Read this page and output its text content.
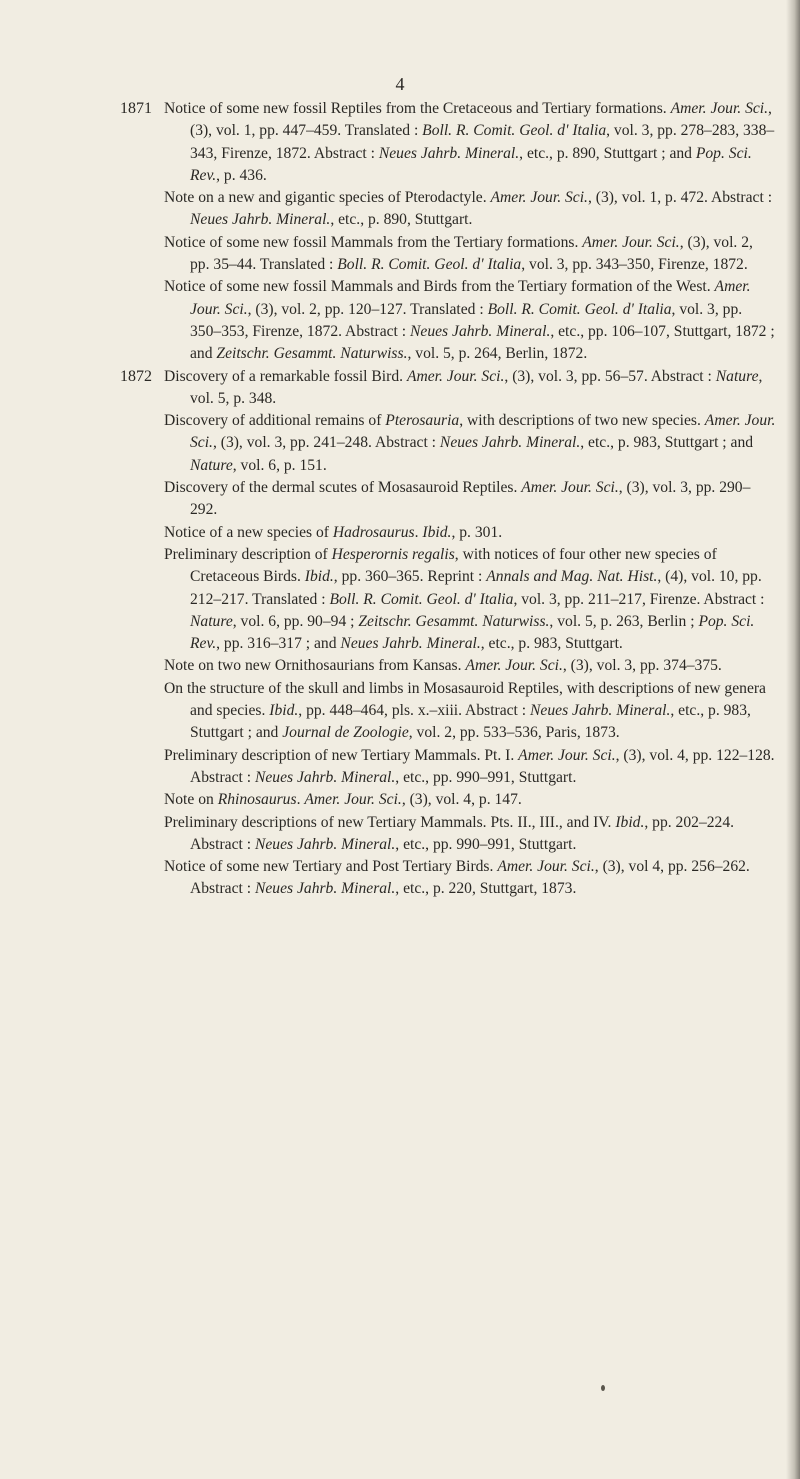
4

1871 Notice of some new fossil Reptiles from the Cretaceous and Tertiary formations. Amer. Jour. Sci., (3), vol. 1, pp. 447–459. Translated : Boll. R. Comit. Geol. d' Italia, vol. 3, pp. 278–283, 338–343, Firenze, 1872. Abstract : Neues Jahrb. Mineral., etc., p. 890, Stuttgart ; and Pop. Sci. Rev., p. 436.

Note on a new and gigantic species of Pterodactyle. Amer. Jour. Sci., (3), vol. 1, p. 472. Abstract : Neues Jahrb. Mineral., etc., p. 890, Stuttgart.

Notice of some new fossil Mammals from the Tertiary formations. Amer. Jour. Sci., (3), vol. 2, pp. 35–44. Translated : Boll. R. Comit. Geol. d' Italia, vol. 3, pp. 343–350, Firenze, 1872.

Notice of some new fossil Mammals and Birds from the Tertiary formation of the West. Amer. Jour. Sci., (3), vol. 2, pp. 120–127. Translated : Boll. R. Comit. Geol. d' Italia, vol. 3, pp. 350–353, Firenze, 1872. Abstract : Neues Jahrb. Mineral., etc., pp. 106–107, Stuttgart, 1872 ; and Zeitschr. Gesammt. Naturwiss., vol. 5, p. 264, Berlin, 1872.

1872 Discovery of a remarkable fossil Bird. Amer. Jour. Sci., (3), vol. 3, pp. 56–57. Abstract : Nature, vol. 5, p. 348.

Discovery of additional remains of Pterosauria, with descriptions of two new species. Amer. Jour. Sci., (3), vol. 3, pp. 241–248. Abstract : Neues Jahrb. Mineral., etc., p. 983, Stuttgart ; and Nature, vol. 6, p. 151.

Discovery of the dermal scutes of Mosasauroid Reptiles. Amer. Jour. Sci., (3), vol. 3, pp. 290–292.

Notice of a new species of Hadrosaurus. Ibid., p. 301.

Preliminary description of Hesperornis regalis, with notices of four other new species of Cretaceous Birds. Ibid., pp. 360–365. Reprint : Annals and Mag. Nat. Hist., (4), vol. 10, pp. 212–217. Translated : Boll. R. Comit. Geol. d' Italia, vol. 3, pp. 211–217, Firenze. Abstract : Nature, vol. 6, pp. 90–94 ; Zeitschr. Gesammt. Naturwiss., vol. 5, p. 263, Berlin ; Pop. Sci. Rev., pp. 316–317 ; and Neues Jahrb. Mineral., etc., p. 983, Stuttgart.

Note on two new Ornithosaurians from Kansas. Amer. Jour. Sci., (3), vol. 3, pp. 374–375.

On the structure of the skull and limbs in Mosasauroid Reptiles, with descriptions of new genera and species. Ibid., pp. 448–464, pls. x.–xiii. Abstract : Neues Jahrb. Mineral., etc., p. 983, Stuttgart ; and Journal de Zoologie, vol. 2, pp. 533–536, Paris, 1873.

Preliminary description of new Tertiary Mammals. Pt. I. Amer. Jour. Sci., (3), vol. 4, pp. 122–128. Abstract : Neues Jahrb. Mineral., etc., pp. 990–991, Stuttgart.

Note on Rhinosaurus. Amer. Jour. Sci., (3), vol. 4, p. 147.

Preliminary descriptions of new Tertiary Mammals. Pts. II., III., and IV. Ibid., pp. 202–224. Abstract : Neues Jahrb. Mineral., etc., pp. 990–991, Stuttgart.

Notice of some new Tertiary and Post Tertiary Birds. Amer. Jour. Sci., (3), vol 4, pp. 256–262. Abstract : Neues Jahrb. Mineral., etc., p. 220, Stuttgart, 1873.
